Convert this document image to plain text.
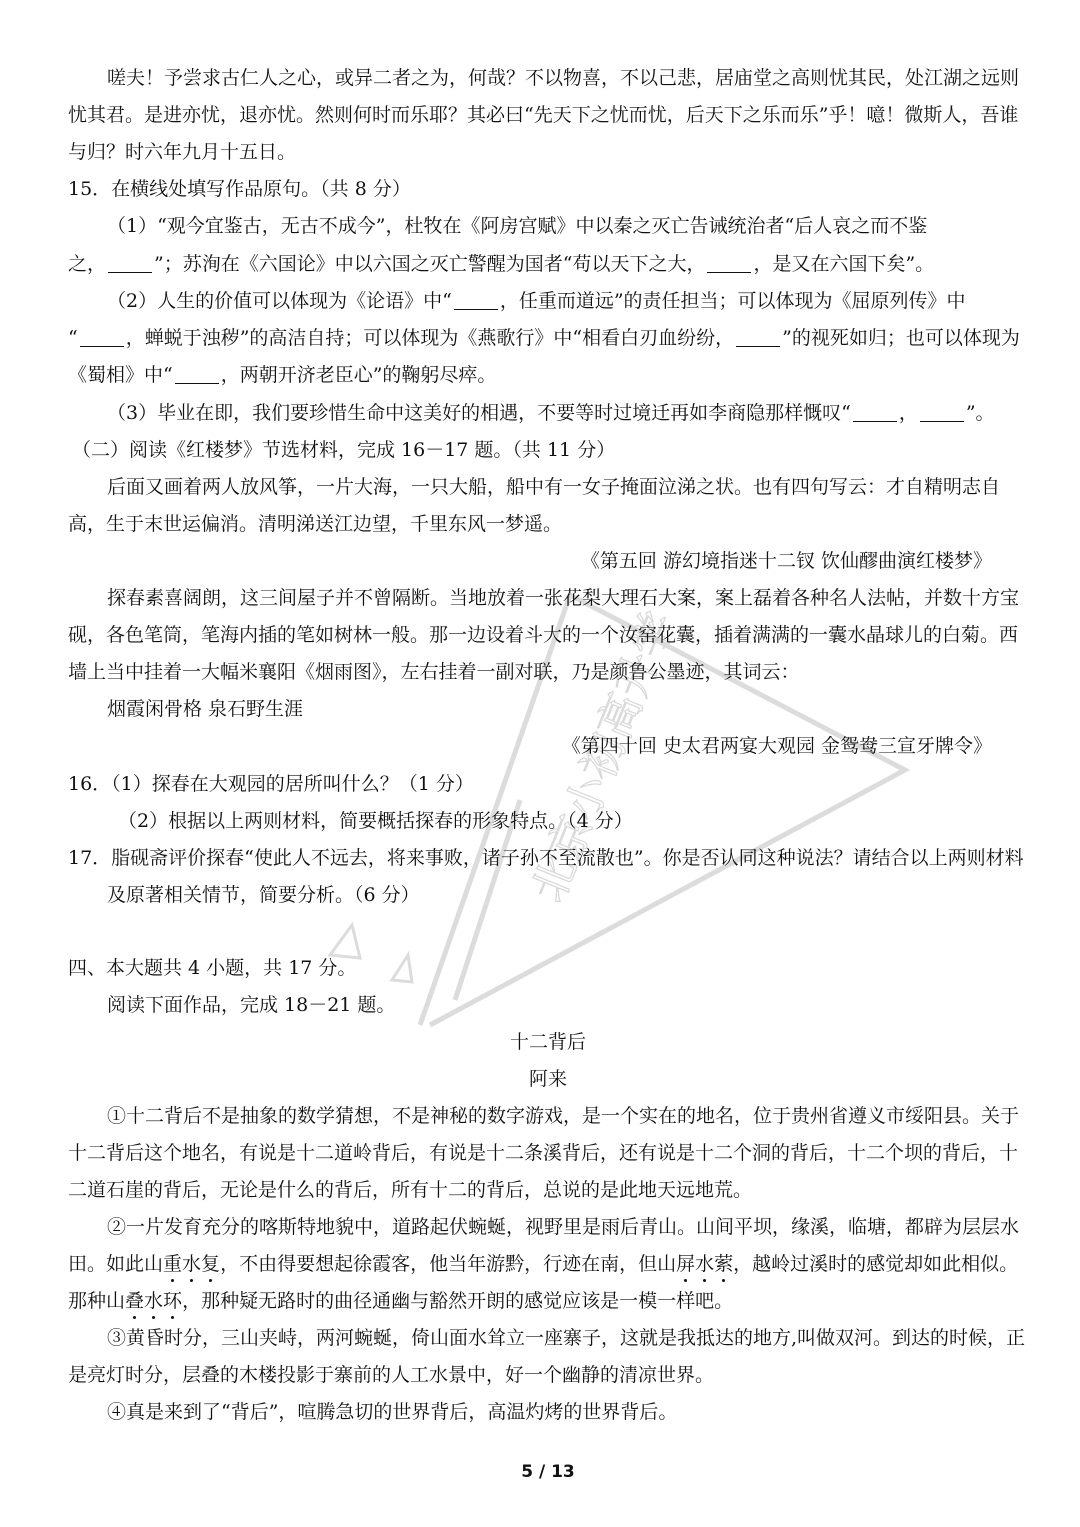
北京小初高升学
嗟夫！予尝求古仁人之心，或异二者之为，何哉？不以物喜，不以己悲，居庙堂之高则忧其民，处江湖之远则
忧其君。是进亦忧，退亦忧。然则何时而乐耶？其必曰“先天下之忧而忧，后天下之乐而乐”乎！噫！微斯人，吾谁
与归？时六年九月十五日。
15．在横线处填写作品原句。（共 8 分）
（1）“观今宜鉴古，无古不成今”，杜牧在《阿房宫赋》中以秦之灭亡告诫统治者“后人哀之而不鉴
之，	”；苏洵在《六国论》中以六国之灭亡警醒为国者“苟以天下之大，	，是又在六国下矣”。
（2）人生的价值可以体现为《论语》中“	，任重而道远”的责任担当；可以体现为《屈原列传》中
“	，蝉蜕于浊秽”的高洁自持；可以体现为《燕歌行》中“相看白刃血纷纷，	”的视死如归；也可以体现为
《蜀相》中“	，两朝开济老臣心”的鞠躬尽瘁。
（3）毕业在即，我们要珍惜生命中这美好的相遇，不要等时过境迁再如李商隐那样慨叹“	，	”。
（二）阅读《红楼梦》节选材料，完成 16－17 题。（共 11 分）
后面又画着两人放风筝，一片大海，一只大船，船中有一女子掩面泣涕之状。也有四句写云：才自精明志自
高，生于末世运偏消。清明涕送江边望，千里东风一梦遥。
《第五回 游幻境指迷十二钗 饮仙醪曲演红楼梦》
探春素喜阔朗，这三间屋子并不曾隔断。当地放着一张花梨大理石大案，案上磊着各种名人法帖，并数十方宝
砚，各色笔筒，笔海内插的笔如树林一般。那一边设着斗大的一个汝窑花囊，插着满满的一囊水晶球儿的白菊。西
墙上当中挂着一大幅米襄阳《烟雨图》，左右挂着一副对联，乃是颜鲁公墨迹，其词云：
烟霞闲骨格 泉石野生涯
《第四十回 史太君两宴大观园 金鸳鸯三宣牙牌令》
16．（1）探春在大观园的居所叫什么？（1 分）
（2）根据以上两则材料，简要概括探春的形象特点。（4 分）
17．脂砚斋评价探春“使此人不远去，将来事败，诸子孙不至流散也”。你是否认同这种说法？请结合以上两则材料
及原著相关情节，简要分析。（6 分）
四、本大题共 4 小题，共 17 分。
阅读下面作品，完成 18－21 题。
十二背后
阿来
①十二背后不是抽象的数学猜想，不是神秘的数字游戏，是一个实在的地名，位于贵州省遵义市绥阳县。关于
十二背后这个地名，有说是十二道岭背后，有说是十二条溪背后，还有说是十二个洞的背后，十二个坝的背后，十
二道石崖的背后，无论是什么的背后，所有十二的背后，总说的是此地天远地荒。
②一片发育充分的喀斯特地貌中，道路起伏蜿蜒，视野里是雨后青山。山间平坝，缘溪，临塘，都辟为层层水
田。如此山重水复，不由得要想起徐霞客，他当年游黔，行迹在南，但山屏水萦，越岭过溪时的感觉却如此相似。
那种山叠水环，那种疑无路时的曲径通幽与豁然开朗的感觉应该是一模一样吧。
③黄昏时分，三山夹峙，两河蜿蜒，倚山面水耸立一座寨子，这就是我抵达的地方,叫做双河。到达的时候，正
是亮灯时分，层叠的木楼投影于寨前的人工水景中，好一个幽静的清凉世界。
④真是来到了“背后”，喧腾急切的世界背后，高温灼烤的世界背后。
5 / 13
